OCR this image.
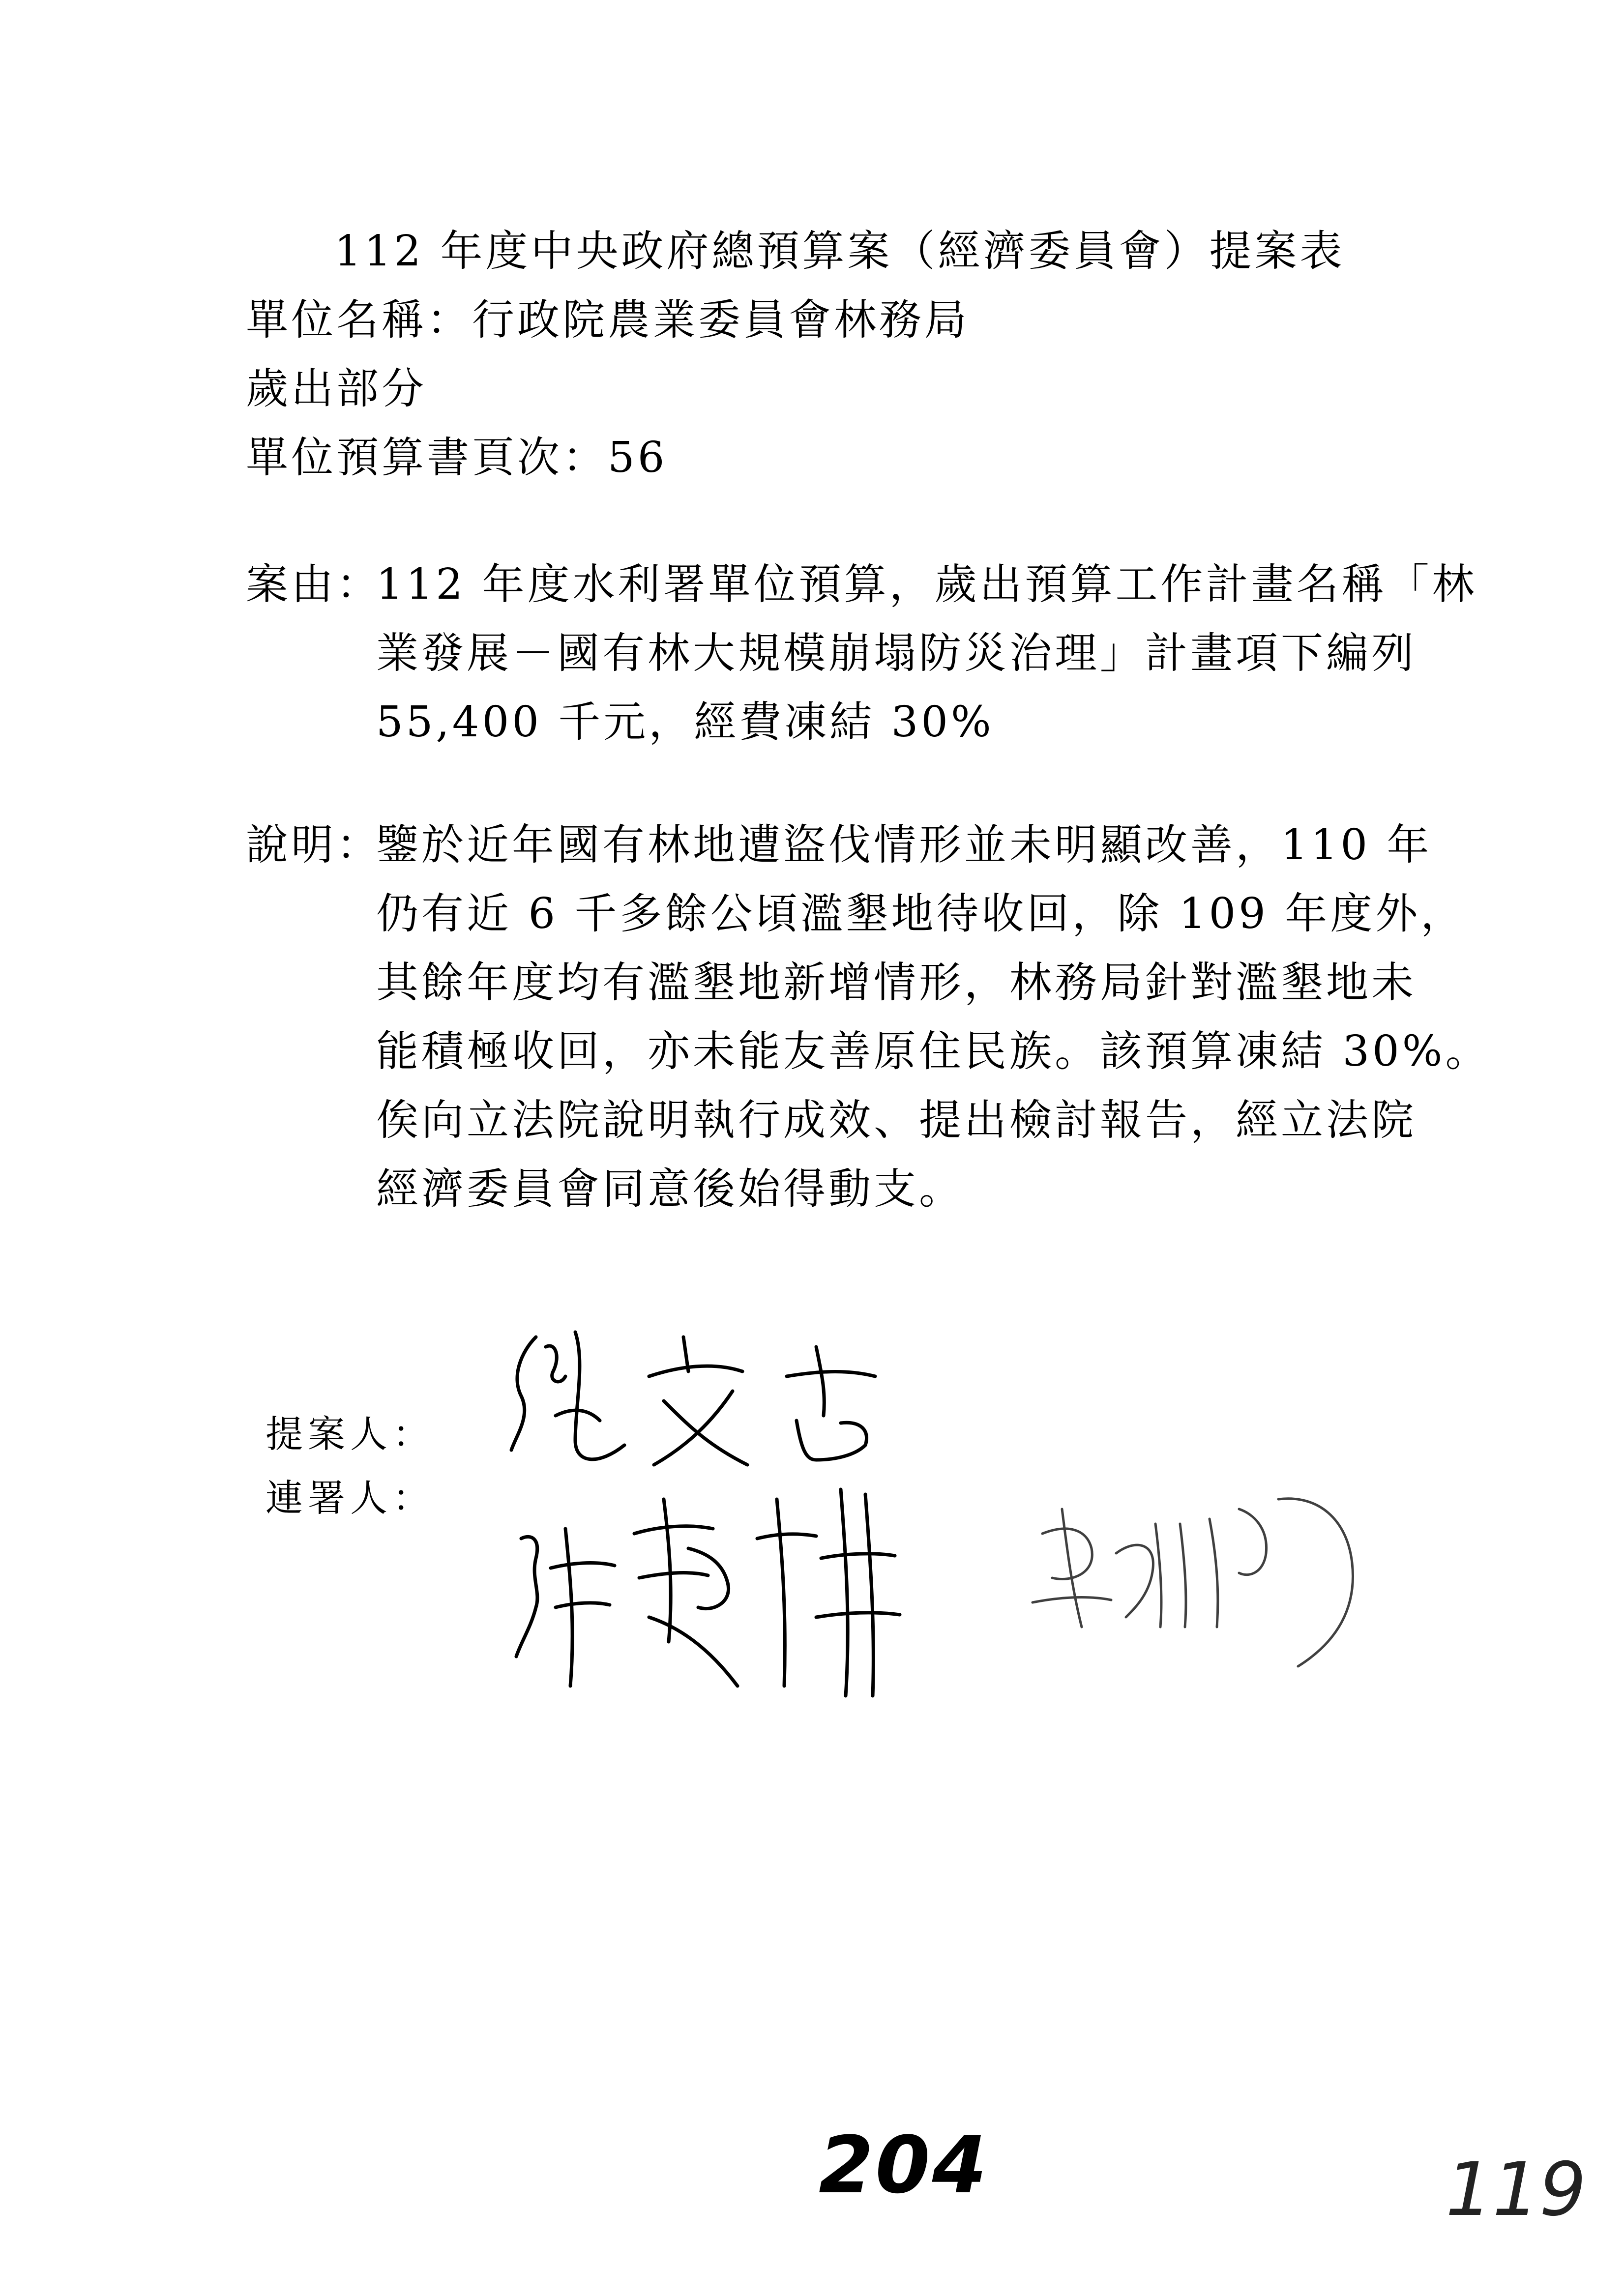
112 年度中央政府總預算案（經濟委員會）提案表
單位名稱：行政院農業委員會林務局
歲出部分
單位預算書頁次：56
案由：
112 年度水利署單位預算，歲出預算工作計畫名稱「林
業發展－國有林大規模崩塌防災治理」計畫項下編列
55,400 千元，經費凍結 30%
說明：
鑒於近年國有林地遭盜伐情形並未明顯改善，110 年
仍有近 6 千多餘公頃濫墾地待收回，除 109 年度外，
其餘年度均有濫墾地新增情形，林務局針對濫墾地未
能積極收回，亦未能友善原住民族。該預算凍結 30%。
俟向立法院說明執行成效、提出檢討報告，經立法院
經濟委員會同意後始得動支。
提案人：
連署人：
204	119
